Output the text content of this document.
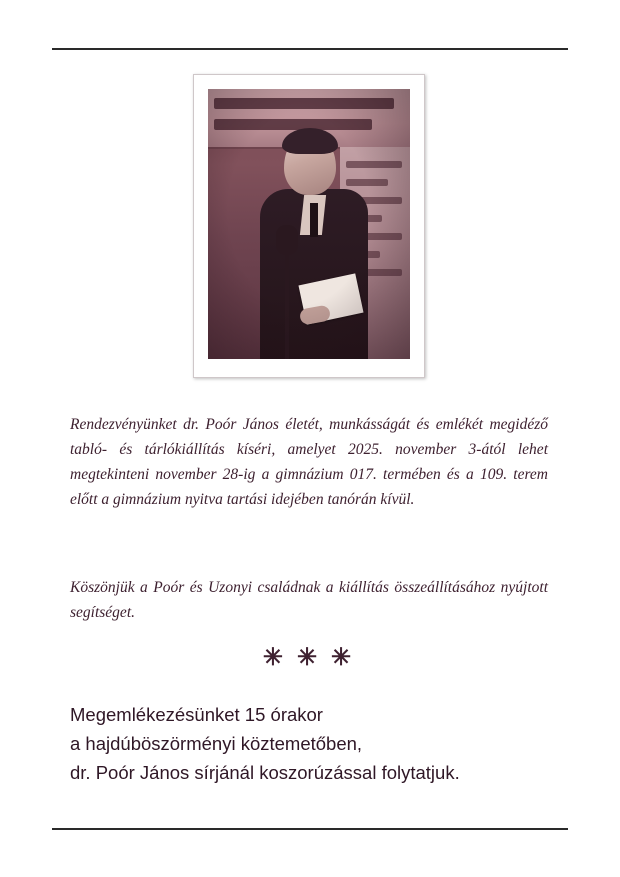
Rendezvényünket dr. Poór János életét, munkásságát és emlékét megidéző tabló- és tárlókiállítás kíséri, amelyet 2025. november 3-ától lehet megtekinteni november 28-ig a gimnázium 017. termében és a 109. terem előtt a gimnázium nyitva tartási idejében tanórán kívül.
Köszönjük a Poór és Uzonyi családnak a kiállítás összeállításához nyújtott segítséget.
✳ ✳ ✳
Megemlékezésünket 15 órakor
a hajdúböszörményi köztemetőben,
dr. Poór János sírjánál koszorúzással folytatjuk.
